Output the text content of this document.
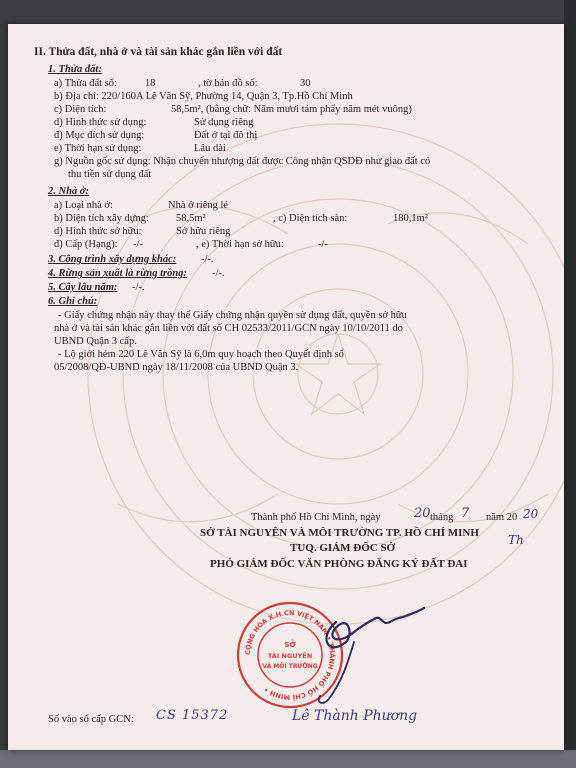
II. Thửa đất, nhà ở và tài sản khác gắn liền với đất
1. Thửa đất:
a) Thửa đất số:	18	, tờ bản đồ số:	30
b) Địa chỉ: 220/160A Lê Văn Sỹ, Phường 14, Quận 3, Tp.Hồ Chí Minh
c) Diện tích:	58,5m², (bằng chữ: Năm mươi tám phẩy năm mét vuông)
d) Hình thức sử dụng:	Sử dụng riêng
đ) Mục đích sử dụng:	Đất ở tại đô thị
e) Thời hạn sử dụng:	Lâu dài
g) Nguồn gốc sử dụng: Nhận chuyển nhượng đất được Công nhận QSDĐ như giao đất có
thu tiền sử dụng đất
2. Nhà ở:
a) Loại nhà ở:	Nhà ở riêng lẻ
b) Diện tích xây dựng:	58,5m²	, c) Diện tích sàn:	180,1m²
d) Hình thức sở hữu:	Sở hữu riêng
đ) Cấp (Hạng): -/-	, e) Thời hạn sở hữu:	-/-
3. Công trình xây dựng khác: -/-.
4. Rừng sản xuất là rừng trồng: -/-.
5. Cây lâu năm: -/-.
6. Ghi chú:
- Giấy chứng nhận này thay thế Giấy chứng nhận quyền sử dụng đất, quyền sở hữu
nhà ở và tài sản khác gắn liền với đất số CH 02533/2011/GCN ngày 10/10/2011 do
UBND Quận 3 cấp.
- Lộ giới hẻm 220 Lê Văn Sỹ là 6,0m quy hoạch theo Quyết định số
05/2008/QĐ-UBND ngày 18/11/2008 của UBND Quận 3.
Thành phố Hồ Chí Minh, ngày	20 tháng 7 năm 20 20
SỞ TÀI NGUYÊN VÀ MÔI TRƯỜNG TP. HỒ CHÍ MINH
TUQ. GIÁM ĐỐC SỞ
Th
PHÓ GIÁM ĐỐC VĂN PHÒNG ĐĂNG KÝ ĐẤT ĐAI
CỘNG HÒA X.H.CN VIỆT NAM • THÀNH PHỐ HỒ CHÍ MINH •
SỞ
TÀI NGUYÊN
VÀ MÔI TRƯỜNG
Lê Thành Phương
Số vào sổ cấp GCN: CS 15372
